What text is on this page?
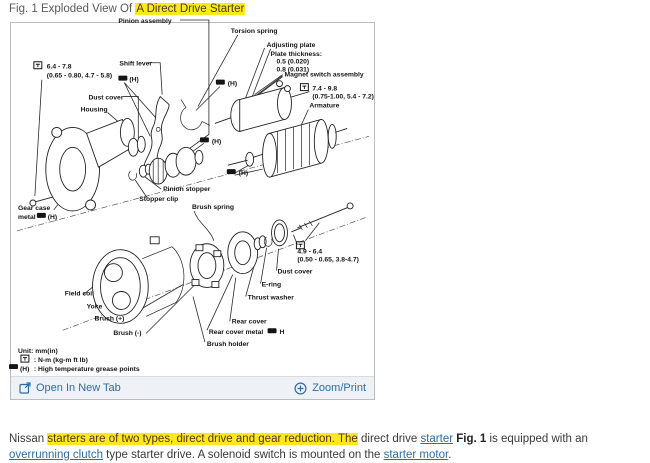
Fig. 1 Exploded View Of A Direct Drive Starter
Pinion assembly
Torsion spring
Adjusting plate
Plate thickness:
0.5 (0.020)
0.8 (0.031)
Magnet switch assembly
7.4 - 9.8
(0.75-1.00, 5.4 - 7.2)
Armature
6.4 - 7.8
(0.65 - 0.80, 4.7 - 5.8)
Shift lever
Dust cover
Housing
Pinion stopper
Stopper clip
Gear case
metal
Brush spring
Field coil
Yoke
Brush (+)
Brush (-)
Rear cover
Rear cover metal
Brush holder
Dust cover
E-ring
Thrust washer
4.9 - 6.4
(0.50 - 0.65, 3.8-4.7)
(H)
(H)
(H)
(H)
(H)
H
(H)
Unit: mm(in)
: N-m (kg-m ft lb)
: High temperature grease points
Open In New Tab	Zoom/Print

Nissan starters are of two types, direct drive and gear reduction. The direct drive starter Fig. 1 is equipped with an overrunning clutch type starter drive. A solenoid switch is mounted on the starter motor.
